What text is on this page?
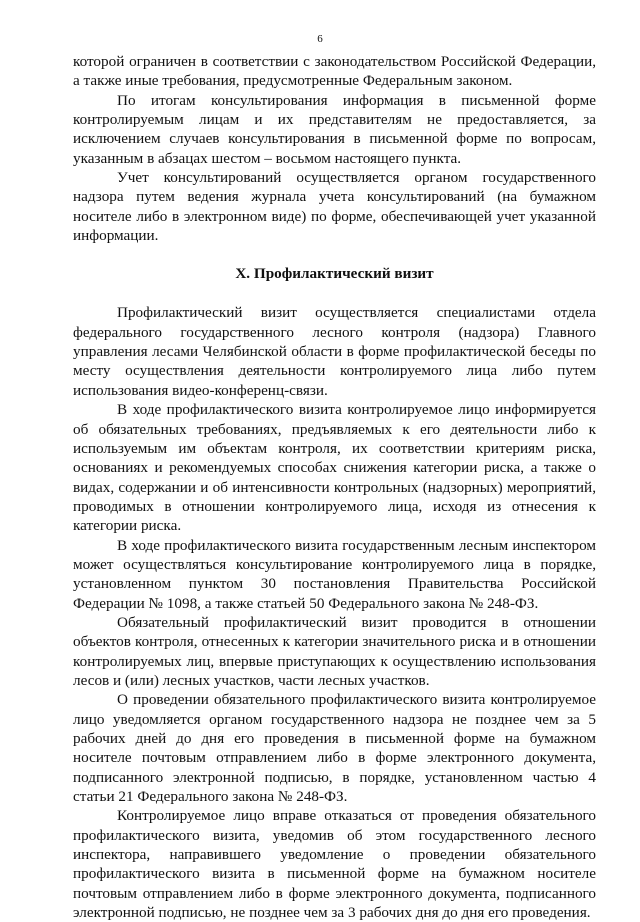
6

которой ограничен в соответствии с законодательством Российской Федерации, а также иные требования, предусмотренные Федеральным законом.

По итогам консультирования информация в письменной форме контролируемым лицам и их представителям не предоставляется, за исключением случаев консультирования в письменной форме по вопросам, указанным в абзацах шестом – восьмом настоящего пункта.

Учет консультирований осуществляется органом государственного надзора путем ведения журнала учета консультирований (на бумажном носителе либо в электронном виде) по форме, обеспечивающей учет указанной информации.

X. Профилактический визит

Профилактический визит осуществляется специалистами отдела федерального государственного лесного контроля (надзора) Главного управления лесами Челябинской области в форме профилактической беседы по месту осуществления деятельности контролируемого лица либо путем использования видео-конференц-связи.

В ходе профилактического визита контролируемое лицо информируется об обязательных требованиях, предъявляемых к его деятельности либо к используемым им объектам контроля, их соответствии критериям риска, основаниях и рекомендуемых способах снижения категории риска, а также о видах, содержании и об интенсивности контрольных (надзорных) мероприятий, проводимых в отношении контролируемого лица, исходя из отнесения к категории риска.

В ходе профилактического визита государственным лесным инспектором может осуществляться консультирование контролируемого лица в порядке, установленном пунктом 30 постановления Правительства Российской Федерации № 1098, а также статьей 50 Федерального закона № 248-ФЗ.

Обязательный профилактический визит проводится в отношении объектов контроля, отнесенных к категории значительного риска и в отношении контролируемых лиц, впервые приступающих к осуществлению использования лесов и (или) лесных участков, части лесных участков.

О проведении обязательного профилактического визита контролируемое лицо уведомляется органом государственного надзора не позднее чем за 5 рабочих дней до дня его проведения в письменной форме на бумажном носителе почтовым отправлением либо в форме электронного документа, подписанного электронной подписью, в порядке, установленном частью 4 статьи 21 Федерального закона № 248-ФЗ.

Контролируемое лицо вправе отказаться от проведения обязательного профилактического визита, уведомив об этом государственного лесного инспектора, направившего уведомление о проведении обязательного профилактического визита в письменной форме на бумажном носителе почтовым отправлением либо в форме электронного документа, подписанного электронной подписью, не позднее чем за 3 рабочих дня до дня его проведения.
